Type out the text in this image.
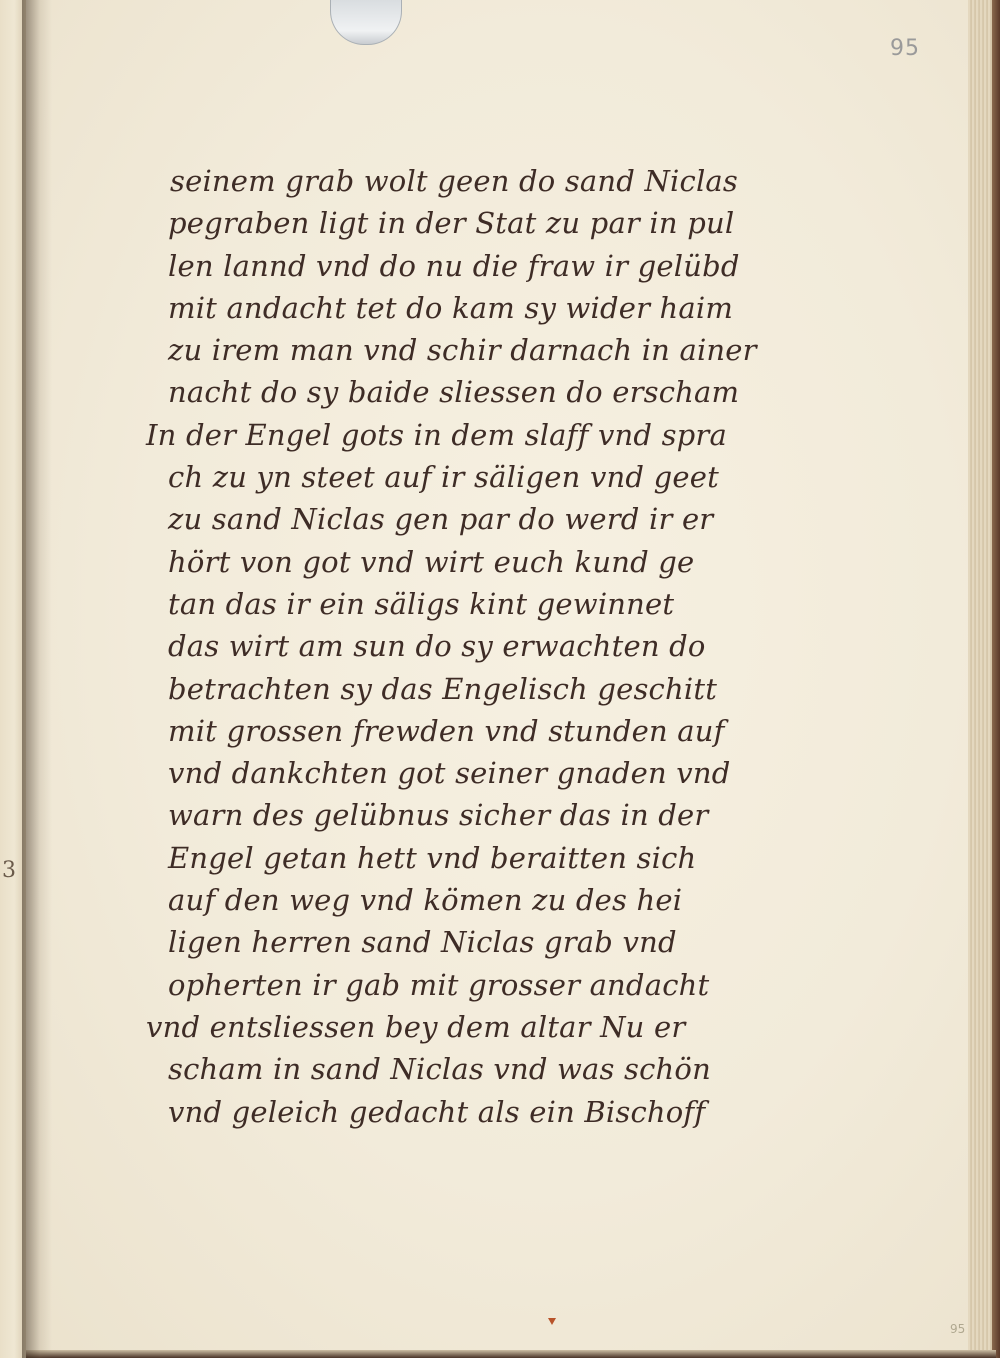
3
95
95
seinem grab wolt geen do sand Niclas
pegraben ligt in der Stat zu par in pul
len lannd vnd do nu die fraw ir gelübd
mit andacht tet do kam sy wider haim
zu irem man vnd schir darnach in ainer
nacht do sy baide sliessen do erscham
In der Engel gots in dem slaff vnd spra
ch zu yn steet auf ir säligen vnd geet
zu sand Niclas gen par do werd ir er
hört von got vnd wirt euch kund ge
tan das ir ein säligs kint gewinnet
das wirt am sun do sy erwachten do
betrachten sy das Engelisch geschitt
mit grossen frewden vnd stunden auf
vnd dankchten got seiner gnaden vnd
warn des gelübnus sicher das in der
Engel getan hett vnd beraitten sich
auf den weg vnd kömen zu des hei
ligen herren sand Niclas grab vnd
opherten ir gab mit grosser andacht
vnd entsliessen bey dem altar Nu er
scham in sand Niclas vnd was schön
vnd geleich gedacht als ein Bischoff
